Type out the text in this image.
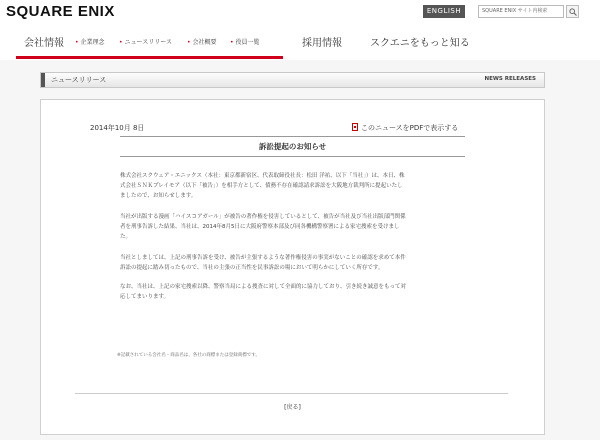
SQUARE ENIX	ENGLISH	SQUARE ENIX サイト内検索
会社情報 • 企業理念 • ニュースリリース	• 会社概要 • 役員一覧	採用情報	スクエニをもっと知る
ニュースリリース	NEWS RELEASES
2014年10月 8日	このニュースをPDFで表示する
訴訟提起のお知らせ
株式会社スクウェア・エニックス（本社：東京都新宿区、代表取締役社長：松田 洋祐、以下「当社」）は、本日、株
式会社ＳＮＫプレイモア（以下「被告」）を相手方として、債務不存在確認請求訴訟を大阪地方裁判所に提起いたし
ましたので、お知らせします。
当社が出版する漫画「ハイスコアガール」が被告の著作権を侵害しているとして、被告が当社及び当社出版部門関係
者を刑事告訴した結果、当社は、2014年8月5日に大阪府警察本部及び同各機構警察署による家宅捜索を受けまし
た。
当社としましては、上記の刑事告訴を受け、被告が主張するような著作権侵害の事実がないことの確認を求めて本件
訴訟の提起に踏み切ったもので、当社の主張の正当性を民事訴訟の場において明らかにしていく所存です。
なお、当社は、上記の家宅捜索以降、警察当局による捜査に対して全面的に協力しており、引き続き誠意をもって対
応してまいります。
※記載されている会社名・商品名は、各社の商標または登録商標です。
[戻る]
